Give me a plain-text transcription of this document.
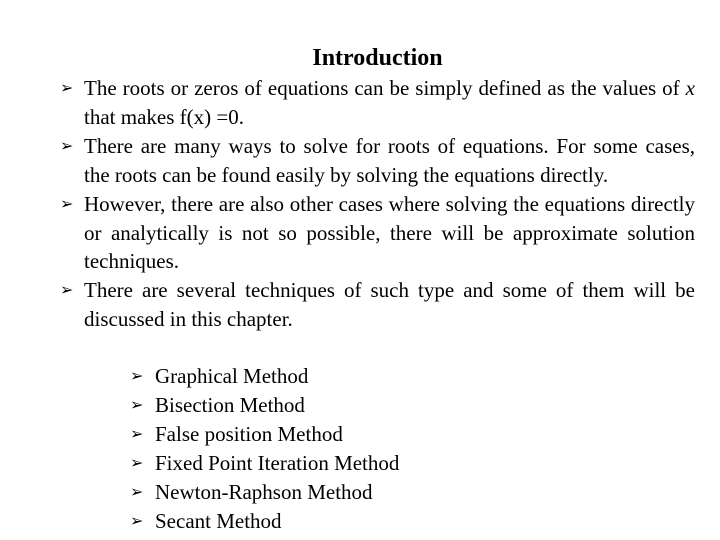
Introduction
➢ The roots or zeros of equations can be simply defined as the values of x that makes f(x) =0.
➢ There are many ways to solve for roots of equations. For some cases, the roots can be found easily by solving the equations directly.
➢ However, there are also other cases where solving the equations directly or analytically is not so possible, there will be approximate solution techniques.
➢ There are several techniques of such type and some of them will be discussed in this chapter.
➢ Graphical Method
➢ Bisection Method
➢ False position Method
➢ Fixed Point Iteration Method
➢ Newton-Raphson Method
➢ Secant Method
